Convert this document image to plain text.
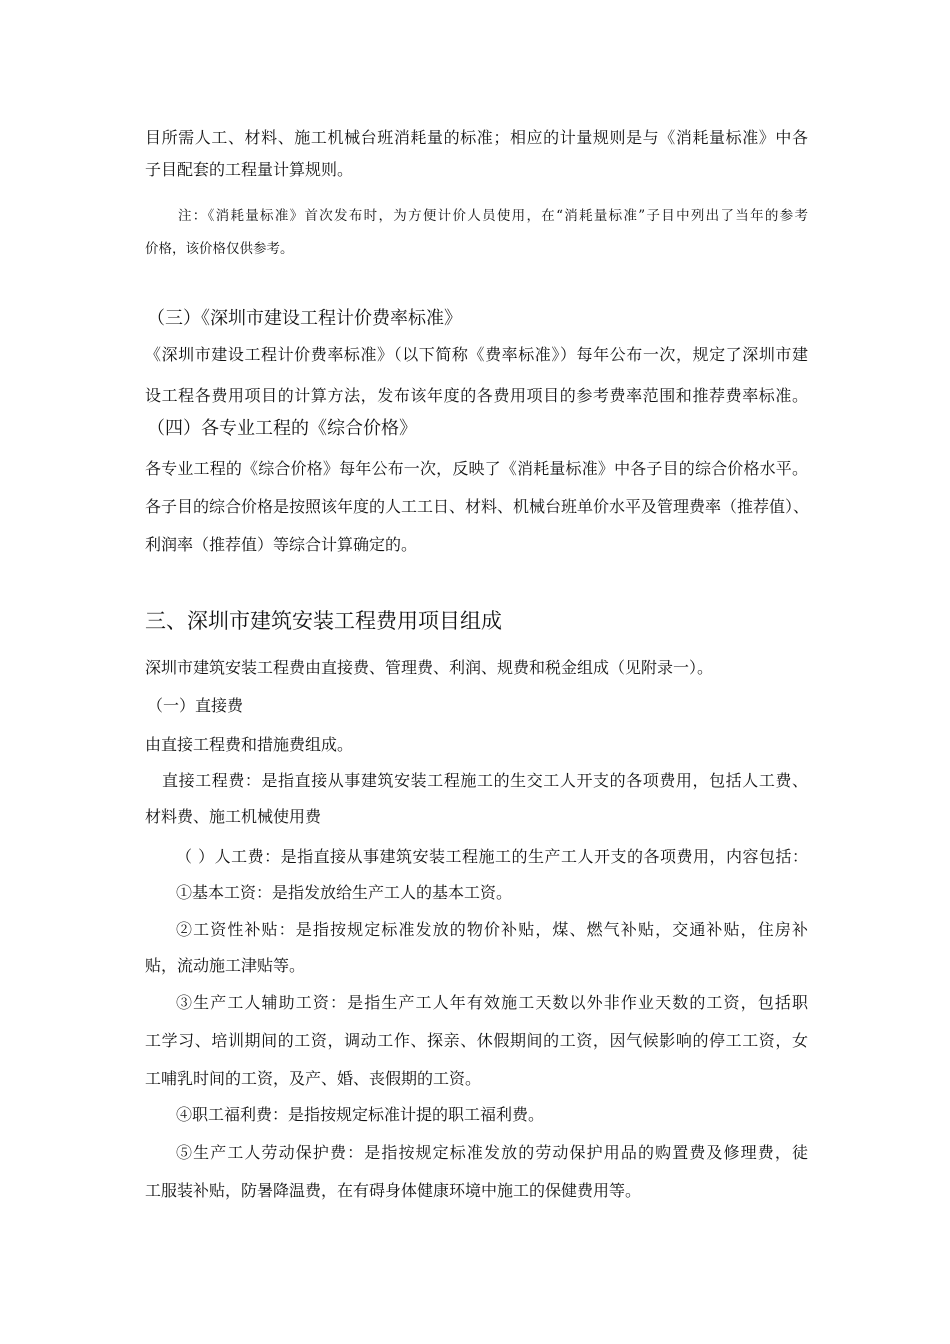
目所需人工、材料、施工机械台班消耗量的标准；相应的计量规则是与《消耗量标准》中各
子目配套的工程量计算规则。
注：《消耗量标准》首次发布时，为方便计价人员使用，在“消耗量标准”子目中列出了当年的参考
价格，该价格仅供参考。
（三）《深圳市建设工程计价费率标准》
《深圳市建设工程计价费率标准》（以下简称《费率标准》）每年公布一次，规定了深圳市建
设工程各费用项目的计算方法，发布该年度的各费用项目的参考费率范围和推荐费率标准。
（四）各专业工程的《综合价格》
各专业工程的《综合价格》每年公布一次，反映了《消耗量标准》中各子目的综合价格水平。
各子目的综合价格是按照该年度的人工工日、材料、机械台班单价水平及管理费率（推荐值）、
利润率（推荐值）等综合计算确定的。
三、深圳市建筑安装工程费用项目组成
深圳市建筑安装工程费由直接费、管理费、利润、规费和税金组成（见附录一）。
（一）直接费
由直接工程费和措施费组成。
直接工程费：是指直接从事建筑安装工程施工的生交工人开支的各项费用，包括人工费、
材料费、施工机械使用费
（ ）人工费：是指直接从事建筑安装工程施工的生产工人开支的各项费用，内容包括：
①基本工资：是指发放给生产工人的基本工资。
②工资性补贴：是指按规定标准发放的物价补贴，煤、燃气补贴，交通补贴，住房补
贴，流动施工津贴等。
③生产工人辅助工资：是指生产工人年有效施工天数以外非作业天数的工资，包括职
工学习、培训期间的工资，调动工作、探亲、休假期间的工资，因气候影响的停工工资，女
工哺乳时间的工资，及产、婚、丧假期的工资。
④职工福利费：是指按规定标准计提的职工福利费。
⑤生产工人劳动保护费：是指按规定标准发放的劳动保护用品的购置费及修理费，徒
工服装补贴，防暑降温费，在有碍身体健康环境中施工的保健费用等。
